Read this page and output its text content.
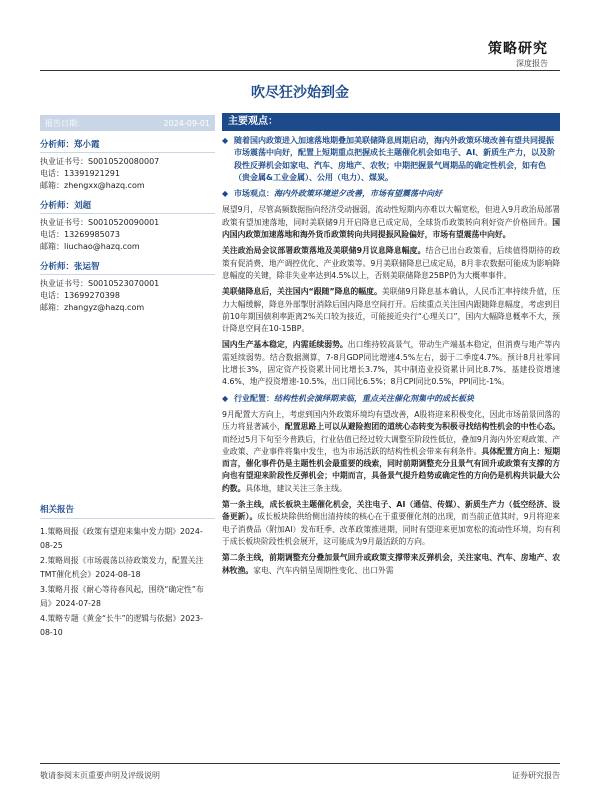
策略研究
深度报告
吹尽狂沙始到金
报告日期：	2024-09-01
分析师：郑小霞
执业证书号： S0010520080007
电话： 13391921291
邮箱： zhengxx@hazq.com
分析师：刘超
执业证书号： S0010520090001
电话： 13269985073
邮箱： liuchao@hazq.com
分析师：张运智
执业证书号： S0010523070001
电话： 13699270398
邮箱： zhangyz@hazq.com
相关报告
1.策略周报《政策有望迎来集中发力期》2024-08-25
2.策略周报《市场震荡以待政策发力，配置关注TMT催化机会》2024-08-18
3.策略月报《耐心等待春风起，围绕“确定性”布局》2024-07-28
4.策略专题《黄金“长牛”的逻辑与依据》2023-08-10
主要观点：
◆ 随着国内政策进入加速落地期叠加美联储降息周期启动，海内外政策环境改善有望共同提振市场震荡中向好，配置上短期重点把握成长主题催化机会如电子、AI、新质生产力，以及阶段性反弹机会如家电、汽车、房地产、农牧；中期把握景气周期品的确定性机会，如有色（贵金属&工业金属）、公用（电力）、煤炭。
◆ 市场观点：海内外政策环境逆夕改善，市场有望震荡中向好

展望9月，尽管高频数据指向经济受动掘弱，流动性短期内亦难以大幅宽松，但进入9月政治局部署政策有望加速落地，同时美联储9月开启降息已成定局，全球货币政策转向利好资产价格回升。国内国内政策加速落地和海外货币政策转向共同提振风险偏好，市场有望震荡中向好。

关注政治局会议部署政策落地及美联储9月议息降息幅度。结合已出台政策看，后续值得期待的政策有促消费、地产调控优化、产业政策等。9月美联储降息已成定局，8月非农数据可能成为影响降息幅度的关键，除非失业率达到4.5%以上，否则美联储降息25BP仍为大概率事件。

美联储降息后，关注国内“跟随”降息的幅度。美联储9月降息基本确认，人民币汇率持续升值，压力大幅缓解，降息外部掣肘消除后国内降息空间打开。后续重点关注国内跟随降息幅度，考虑到目前10年期国债利率距离2%关口较为接近，可能接近央行“心理关口”，国内大幅降息概率不大，预计降息空间在10-15BP。

国内生产基本稳定，内需延续弱势。出口维持较高景气，带动生产端基本稳定，但消费与地产等内需延续弱势。结合数据测算，7-8月GDP同比增速4.5%左右，弱于二季度4.7%。预计8月社零同比增长3%，固定资产投资累计同比增长3.7%，其中制造业投资累计同比8.7%、基建投资增速4.6%、地产投资增速-10.5%，出口同比6.5%；8月CPI同比0.5%，PPI同比-1%。

◆ 行业配置：结构性机会演绎期来临，重点关注催化剂集中的成长板块

9月配置大方向上，考虑到国内外政策环境均有望改善，A股将迎来积极变化，因此市场前景回落的压力将显著减小，配置思路上可以从避险抱团的道统心态转变为积极寻找结构性机会的中性心态。而经过5月下旬至今普跌后，行业估值已经过较大调整至阶段性低位，叠加9月海内外宏观政策、产业政策、产业事件将集中发生，也为市场活跃的结构性机会带来有利条件。具体配置方向上：短期而言，催化事件仍是主题性机会最重要的线索，同时前期调整充分且景气有回升或政策有支撑的方向也有望迎来阶段性反弹机会；中期而言，具备景气提升趋势或确定性的方向仍是机构共识最大公约数。具体地，建议关注三条主线。

第一条主线，成长板块主题催化机会，关注电子、AI（通信、传媒）、新质生产力（低空经济、设备更新）。成长板块除供给侧出清持续的核心在于重要催化剂的出现，而当前正值其时，9月将迎来电子消费品（附加AI）发布旺季、改革政策推进期，同时有望迎来更加宽松的流动性环境，均有利于成长板块阶段性机会展开，这可能成为9月最活跃的方向。

第二条主线，前期调整充分叠加景气回升或政策支撑带来反弹机会，关注家电、汽车、房地产、农林牧渔。家电、汽车内销呈周期性变化、出口外需

敬请参阅末页重要声明及评级说明	证券研究报告
